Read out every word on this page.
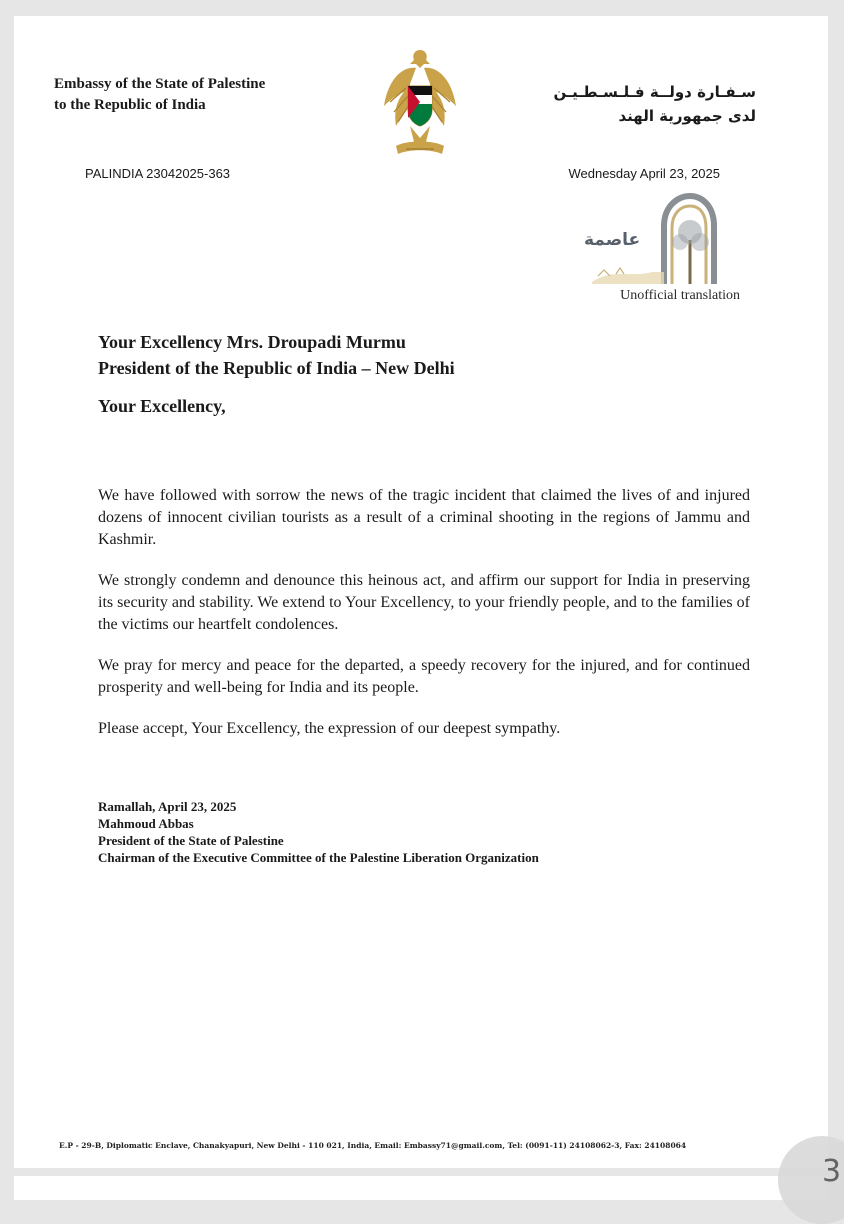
Embassy of the State of Palestine
to the Republic of India
سـفـارة دولــة فـلـسـطـيـن
لدى جمهورية الهند
PALINDIA 23042025-363	Wednesday April 23, 2025
عاصمة
Unofficial translation
Your Excellency Mrs. Droupadi Murmu
President of the Republic of India – New Delhi
Your Excellency,

We have followed with sorrow the news of the tragic incident that claimed the lives of and injured dozens of innocent civilian tourists as a result of a criminal shooting in the regions of Jammu and Kashmir.

We strongly condemn and denounce this heinous act, and affirm our support for India in preserving its security and stability. We extend to Your Excellency, to your friendly people, and to the families of the victims our heartfelt condolences.

We pray for mercy and peace for the departed, a speedy recovery for the injured, and for continued prosperity and well-being for India and its people.

Please accept, Your Excellency, the expression of our deepest sympathy.

Ramallah, April 23, 2025
Mahmoud Abbas
President of the State of Palestine
Chairman of the Executive Committee of the Palestine Liberation Organization
E.P - 29-B, Diplomatic Enclave, Chanakyapuri, New Delhi - 110 021, India, Email: Embassy71@gmail.com, Tel: (0091-11) 24108062-3, Fax: 24108064
3
